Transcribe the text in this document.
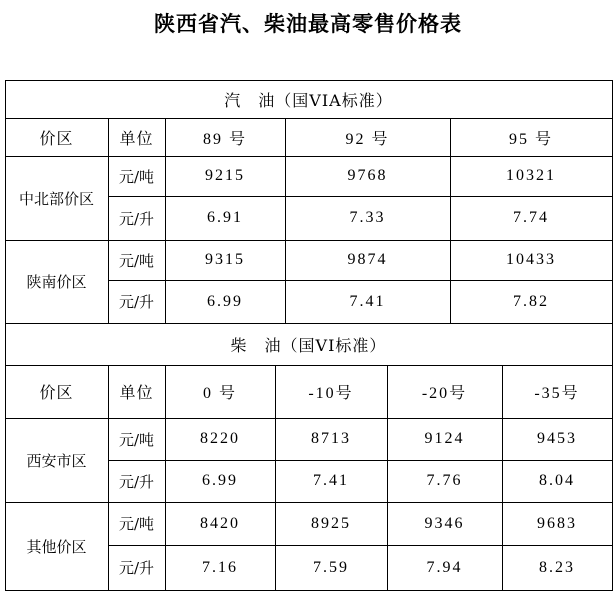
陕西省汽、柴油最高零售价格表
汽　油（国VIA标准）
价区	单位	89 号	92 号	95 号
中北部价区
元/吨	9215	9768	10321
元/升	6.91	7.33	7.74
陕南价区
元/吨	9315	9874	10433
元/升	6.99	7.41	7.82
柴　油（国VI标准）
价区	单位	0 号	-10号	-20号	-35号
西安市区
元/吨	8220	8713	9124	9453
元/升	6.99	7.41	7.76	8.04
其他价区
元/吨	8420	8925	9346	9683
元/升	7.16	7.59	7.94	8.23
